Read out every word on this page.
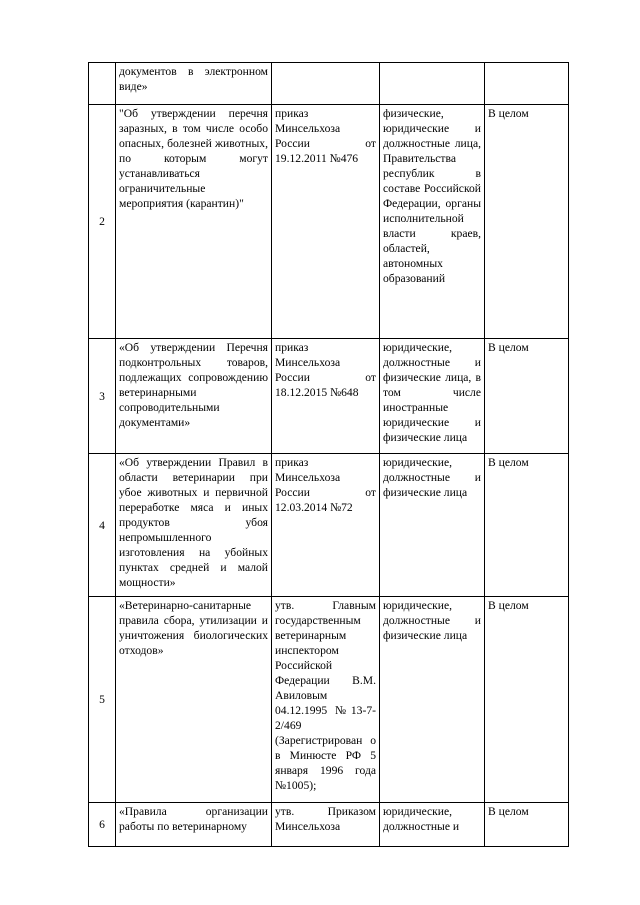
	документов в электронном виде»			

2	"Об утверждении перечня заразных, в том числе особо опасных, болезней животных, по которым могут устанавливаться ограничительные мероприятия (карантин)"	приказ Минсельхоза России от 19.12.2011 №476	физические, юридические и должностные лица, Правительства республик в составе Российской Федерации, органы исполнительной власти краев, областей, автономных образований	В целом
3	«Об утверждении Перечня подконтрольных товаров, подлежащих сопровождению ветеринарными сопроводительными документами»	приказ Минсельхоза России от 18.12.2015 №648	юридические, должностные и физические лица, в том числе иностранные юридические и физические лица	В целом
4	«Об утверждении Правил в области ветеринарии при убое животных и первичной переработке мяса и иных продуктов убоя непромышленного изготовления на убойных пунктах средней и малой мощности»	приказ Минсельхоза России от 12.03.2014 №72	юридические, должностные и физические лица	В целом
5	«Ветеринарно-санитарные правила сбора, утилизации и уничтожения биологических отходов»	утв. Главным государственным ветеринарным инспектором Российской Федерации В.М. Авиловым 04.12.1995 №13-7-2/469 (Зарегистрирован о в Минюсте РФ 5 января 1996 года №1005);	юридические, должностные и физические лица	В целом
6	«Правила организации работы по ветеринарному	утв. Приказом Минсельхоза	юридические, должностные и	В целом
